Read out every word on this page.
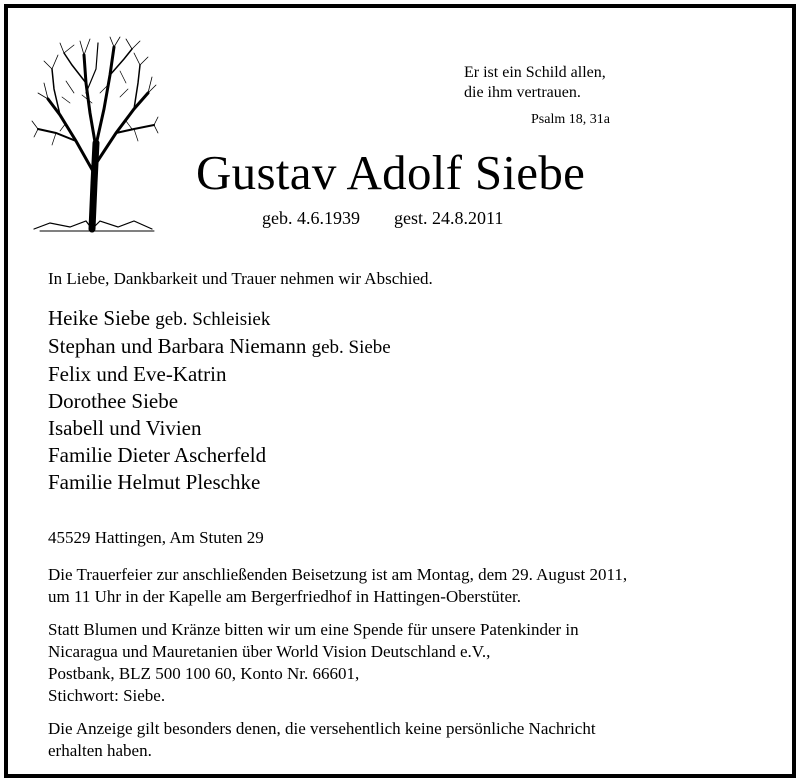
Er ist ein Schild allen,
die ihm vertrauen.
Psalm 18, 31a
Gustav Adolf Siebe
geb. 4.6.1939 gest. 24.8.2011
In Liebe, Dankbarkeit und Trauer nehmen wir Abschied.
Heike Siebe geb. Schleisiek
Stephan und Barbara Niemann geb. Siebe
Felix und Eve-Katrin
Dorothee Siebe
Isabell und Vivien
Familie Dieter Ascherfeld
Familie Helmut Pleschke
45529 Hattingen, Am Stuten 29
Die Trauerfeier zur anschließenden Beisetzung ist am Montag, dem 29. August 2011,
um 11 Uhr in der Kapelle am Bergerfriedhof in Hattingen-Oberstüter.
Statt Blumen und Kränze bitten wir um eine Spende für unsere Patenkinder in
Nicaragua und Mauretanien über World Vision Deutschland e.V.,
Postbank, BLZ 500 100 60, Konto Nr. 66601,
Stichwort: Siebe.
Die Anzeige gilt besonders denen, die versehentlich keine persönliche Nachricht
erhalten haben.
